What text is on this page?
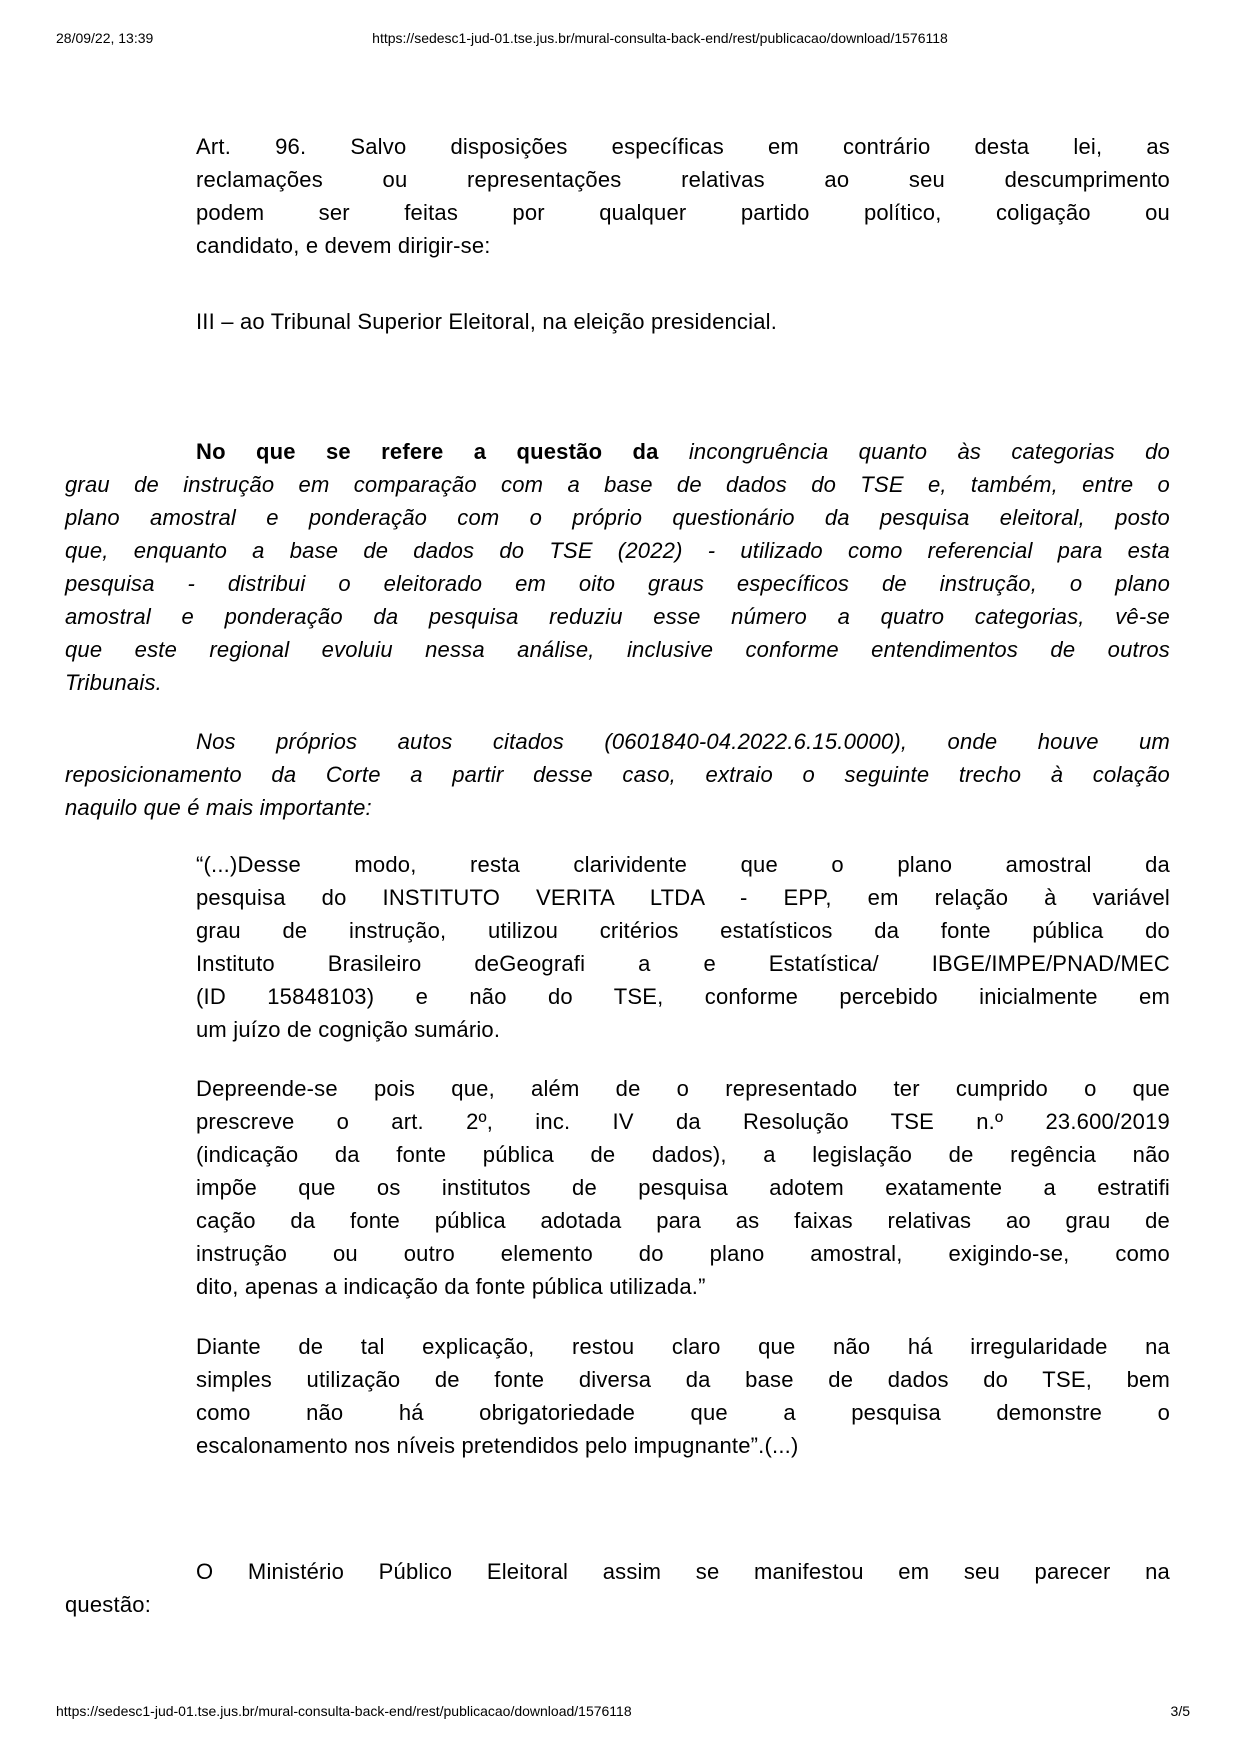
28/09/22, 13:39	https://sedesc1-jud-01.tse.jus.br/mural-consulta-back-end/rest/publicacao/download/1576118
Art. 96. Salvo disposições específicas em contrário desta lei, as
reclamações ou representações relativas ao seu descumprimento
podem ser feitas por qualquer partido político, coligação ou
candidato, e devem dirigir-se:
III – ao Tribunal Superior Eleitoral, na eleição presidencial.
No que se refere a questão da incongruência quanto às categorias do
grau de instrução em comparação com a base de dados do TSE e, também, entre o
plano amostral e ponderação com o próprio questionário da pesquisa eleitoral, posto
que, enquanto a base de dados do TSE (2022) - utilizado como referencial para esta
pesquisa - distribui o eleitorado em oito graus específicos de instrução, o plano
amostral e ponderação da pesquisa reduziu esse número a quatro categorias, vê-se
que este regional evoluiu nessa análise, inclusive conforme entendimentos de outros
Tribunais.
Nos próprios autos citados (0601840-04.2022.6.15.0000), onde houve um
reposicionamento da Corte a partir desse caso, extraio o seguinte trecho à colação
naquilo que é mais importante:
“(...)Desse modo, resta clarividente que o plano amostral da
pesquisa do INSTITUTO VERITA LTDA - EPP, em relação à variável
grau de instrução, utilizou critérios estatísticos da fonte pública do
Instituto Brasileiro deGeografi a e Estatística/ IBGE/IMPE/PNAD/MEC
(ID 15848103) e não do TSE, conforme percebido inicialmente em
um juízo de cognição sumário.
Depreende-se pois que, além de o representado ter cumprido o que
prescreve o art. 2º, inc. IV da Resolução TSE n.º 23.600/2019
(indicação da fonte pública de dados), a legislação de regência não
impõe que os institutos de pesquisa adotem exatamente a estratifi
cação da fonte pública adotada para as faixas relativas ao grau de
instrução ou outro elemento do plano amostral, exigindo-se, como
dito, apenas a indicação da fonte pública utilizada.”
Diante de tal explicação, restou claro que não há irregularidade na
simples utilização de fonte diversa da base de dados do TSE, bem
como não há obrigatoriedade que a pesquisa demonstre o
escalonamento nos níveis pretendidos pelo impugnante”.(...)
O Ministério Público Eleitoral assim se manifestou em seu parecer na
questão:
https://sedesc1-jud-01.tse.jus.br/mural-consulta-back-end/rest/publicacao/download/1576118	3/5
